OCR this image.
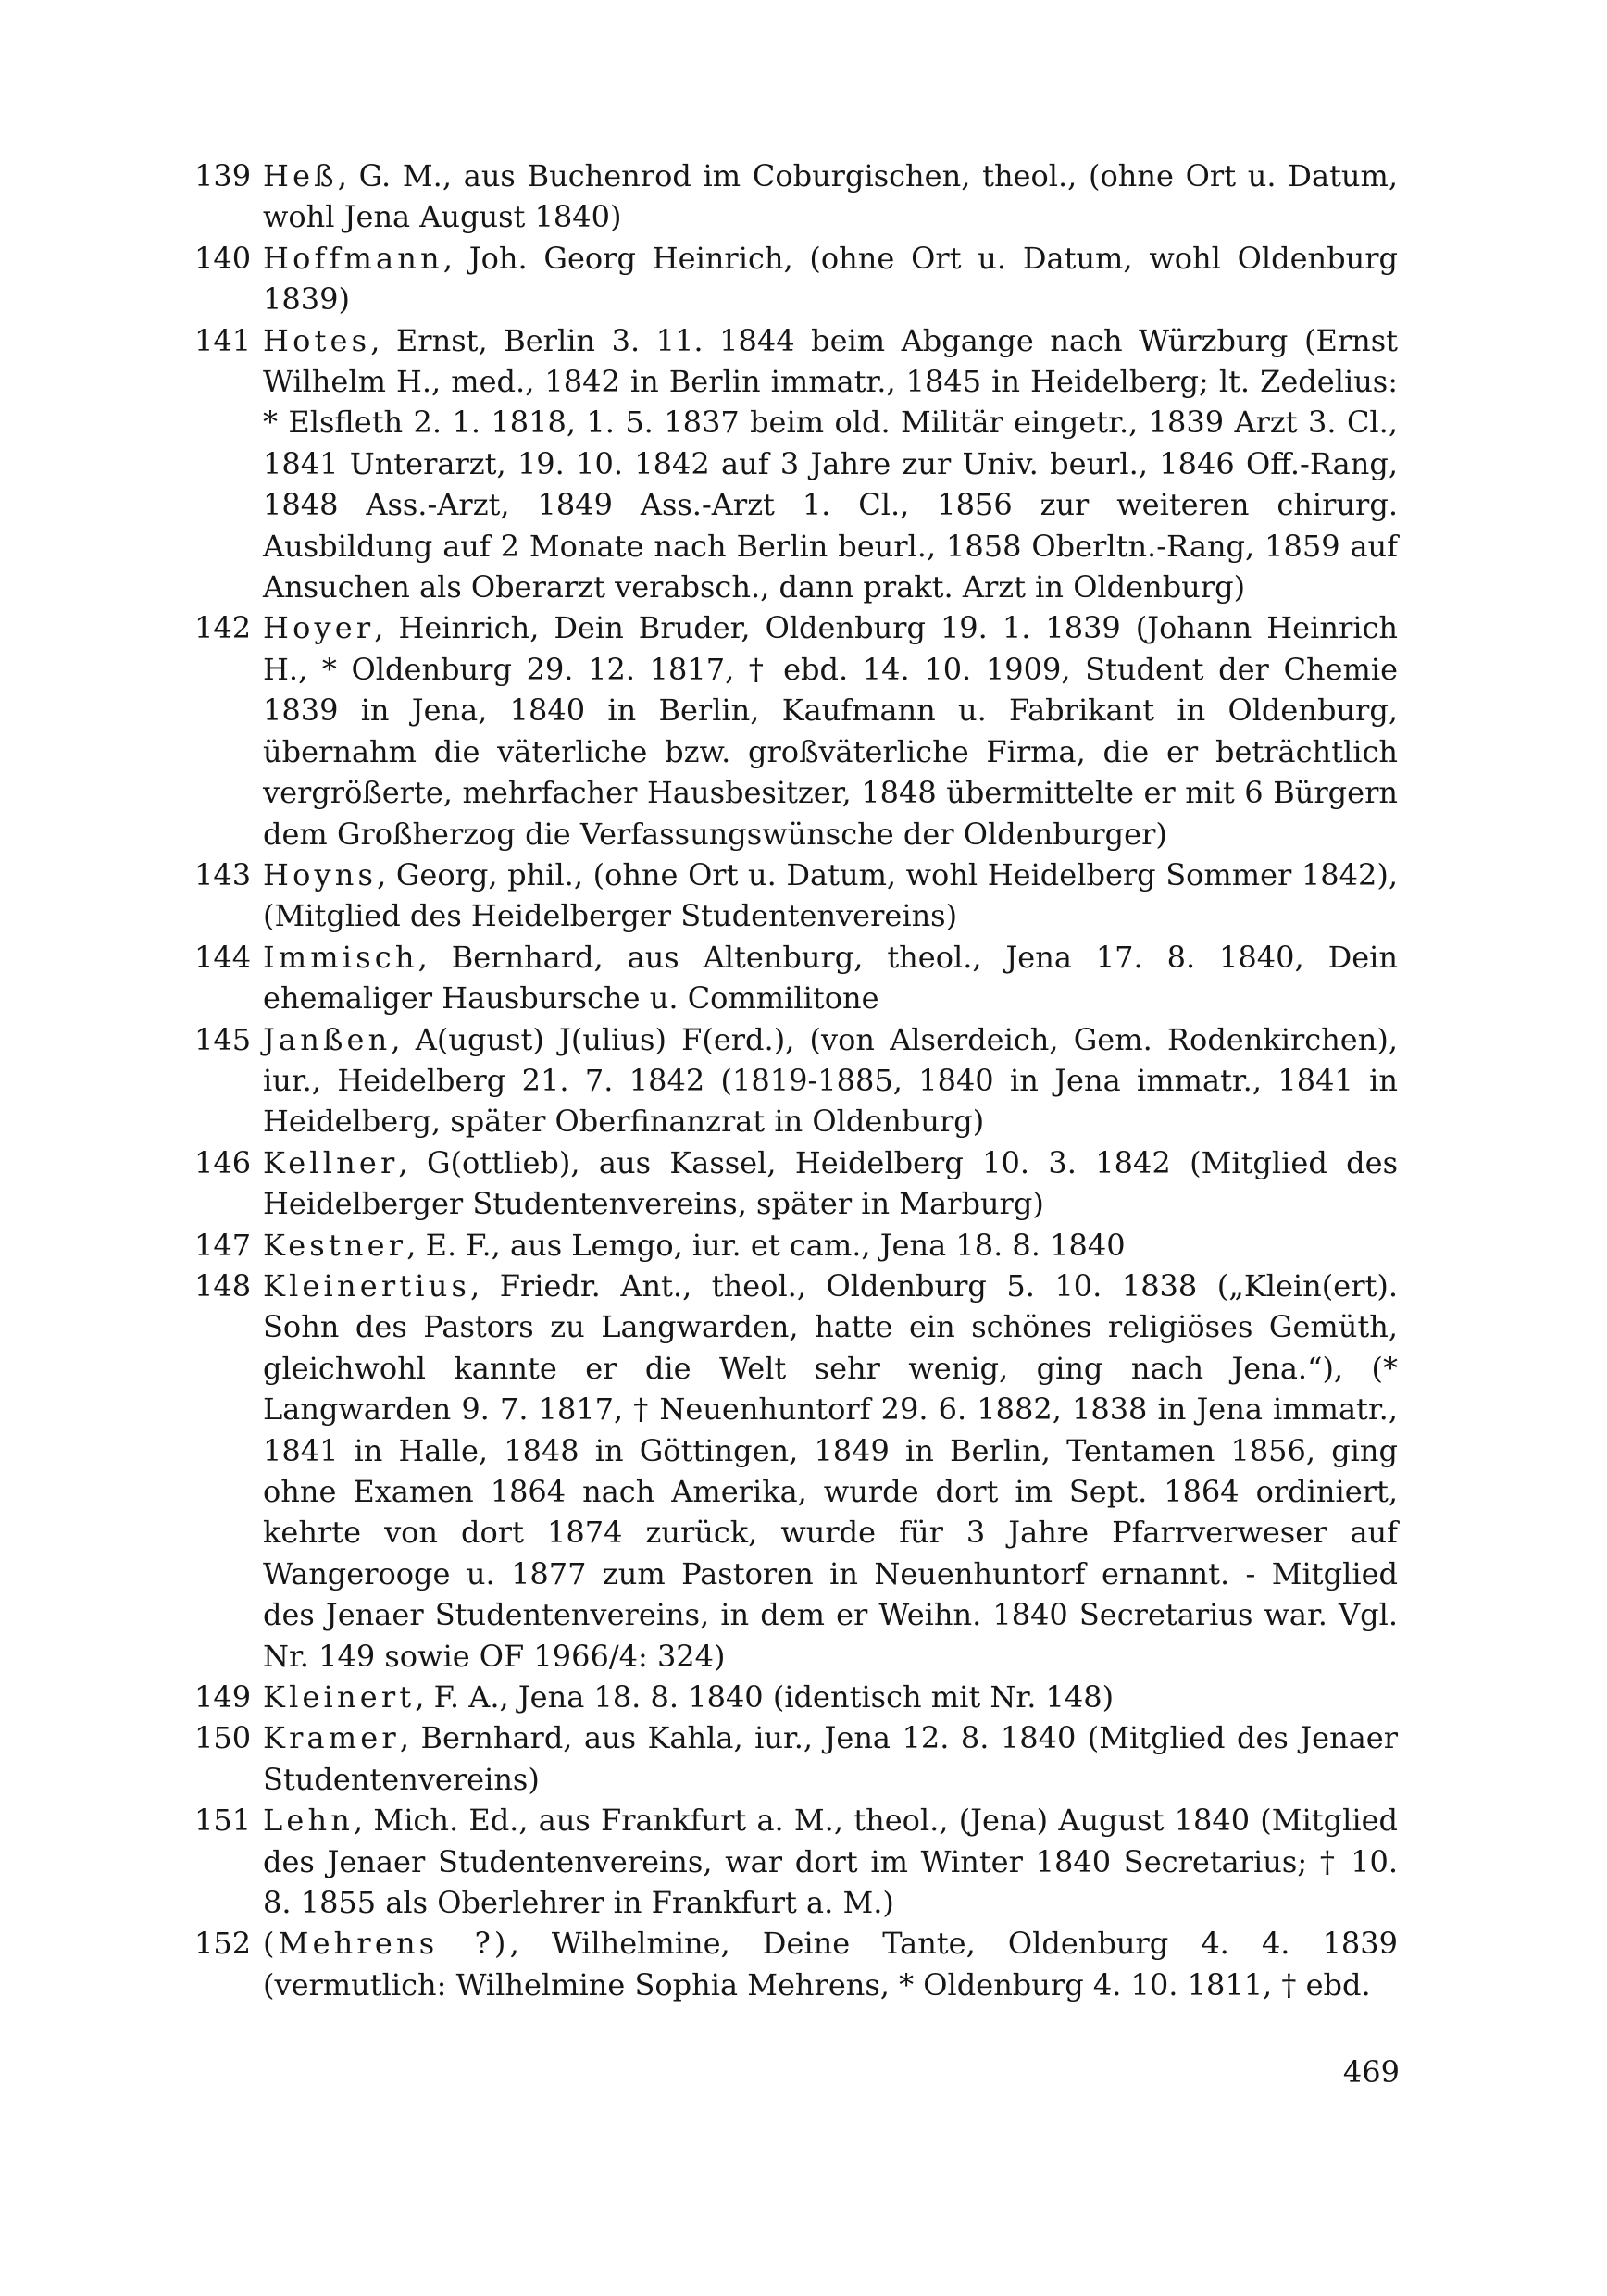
139 Heß, G. M., aus Buchenrod im Coburgischen, theol., (ohne Ort u. Datum, wohl Jena August 1840)
140 Hoffmann, Joh. Georg Heinrich, (ohne Ort u. Datum, wohl Oldenburg 1839)
141 Hotes, Ernst, Berlin 3. 11. 1844 beim Abgange nach Würzburg (Ernst Wilhelm H., med., 1842 in Berlin immatr., 1845 in Heidelberg; lt. Zedelius: * Elsfleth 2. 1. 1818, 1. 5. 1837 beim old. Militär eingetr., 1839 Arzt 3. Cl., 1841 Unterarzt, 19. 10. 1842 auf 3 Jahre zur Univ. beurl., 1846 Off.-Rang, 1848 Ass.-Arzt, 1849 Ass.-Arzt 1. Cl., 1856 zur weiteren chirurg. Ausbildung auf 2 Monate nach Berlin beurl., 1858 Oberltn.-Rang, 1859 auf Ansuchen als Oberarzt verabsch., dann prakt. Arzt in Oldenburg)
142 Hoyer, Heinrich, Dein Bruder, Oldenburg 19. 1. 1839 (Johann Heinrich H., * Oldenburg 29. 12. 1817, † ebd. 14. 10. 1909, Student der Chemie 1839 in Jena, 1840 in Berlin, Kaufmann u. Fabrikant in Oldenburg, übernahm die väterliche bzw. großväterliche Firma, die er beträchtlich vergrößerte, mehrfacher Hausbesitzer, 1848 übermittelte er mit 6 Bürgern dem Großherzog die Verfassungswünsche der Oldenburger)
143 Hoyns, Georg, phil., (ohne Ort u. Datum, wohl Heidelberg Sommer 1842), (Mitglied des Heidelberger Studentenvereins)
144 Immisch, Bernhard, aus Altenburg, theol., Jena 17. 8. 1840, Dein ehemaliger Hausbursche u. Commilitone
145 Janßen, A(ugust) J(ulius) F(erd.), (von Alserdeich, Gem. Rodenkirchen), iur., Heidelberg 21. 7. 1842 (1819-1885, 1840 in Jena immatr., 1841 in Heidelberg, später Oberfinanzrat in Oldenburg)
146 Kellner, G(ottlieb), aus Kassel, Heidelberg 10. 3. 1842 (Mitglied des Heidelberger Studentenvereins, später in Marburg)
147 Kestner, E. F., aus Lemgo, iur. et cam., Jena 18. 8. 1840
148 Kleinertius, Friedr. Ant., theol., Oldenburg 5. 10. 1838 („Klein(ert). Sohn des Pastors zu Langwarden, hatte ein schönes religiöses Gemüth, gleichwohl kannte er die Welt sehr wenig, ging nach Jena.“), (* Langwarden 9. 7. 1817, † Neuenhuntorf 29. 6. 1882, 1838 in Jena immatr., 1841 in Halle, 1848 in Göttingen, 1849 in Berlin, Tentamen 1856, ging ohne Examen 1864 nach Amerika, wurde dort im Sept. 1864 ordiniert, kehrte von dort 1874 zurück, wurde für 3 Jahre Pfarrverweser auf Wangerooge u. 1877 zum Pastoren in Neuenhuntorf ernannt. - Mitglied des Jenaer Studentenvereins, in dem er Weihn. 1840 Secretarius war. Vgl. Nr. 149 sowie OF 1966/4: 324)
149 Kleinert, F. A., Jena 18. 8. 1840 (identisch mit Nr. 148)
150 Kramer, Bernhard, aus Kahla, iur., Jena 12. 8. 1840 (Mitglied des Jenaer Studentenvereins)
151 Lehn, Mich. Ed., aus Frankfurt a. M., theol., (Jena) August 1840 (Mitglied des Jenaer Studentenvereins, war dort im Winter 1840 Secretarius; † 10. 8. 1855 als Oberlehrer in Frankfurt a. M.)
152 (Mehrens ?), Wilhelmine, Deine Tante, Oldenburg 4. 4. 1839 (vermutlich: Wilhelmine Sophia Mehrens, * Oldenburg 4. 10. 1811, † ebd.
469
